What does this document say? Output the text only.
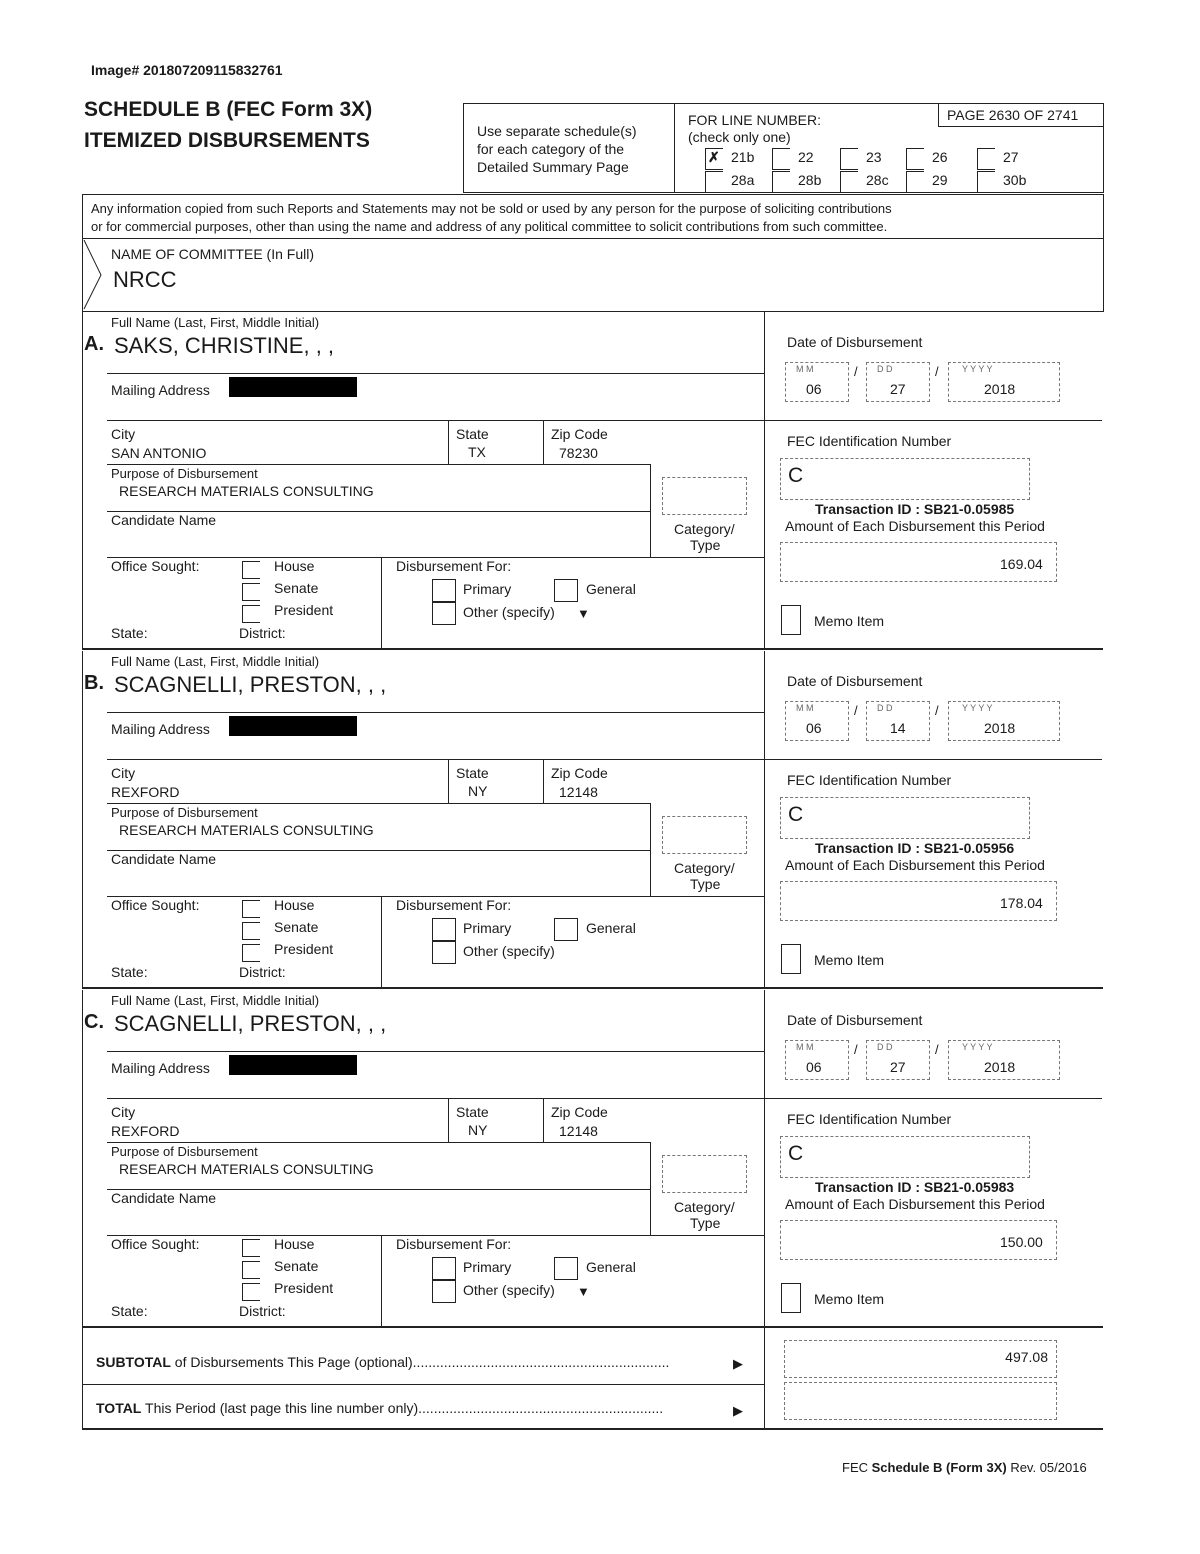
Image# 201807209115832761
SCHEDULE B (FEC Form 3X)
ITEMIZED DISBURSEMENTS	Use separate schedule(s)
for each category of the
Detailed Summary Page
FOR LINE NUMBER:
(check only one)
PAGE 2630 OF 2741
✗ 21b	22	23	26	27
28a	28b	28c	29	30b
Any information copied from such Reports and Statements may not be sold or used by any person for the purpose of soliciting contributions
or for commercial purposes, other than using the name and address of any political committee to solicit contributions from such committee.
NAME OF COMMITTEE (In Full)
NRCC
Full Name (Last, First, Middle Initial)
A. SAKS, CHRISTINE, , ,
Mailing Address
City
SAN ANTONIO
State
TX
Zip Code
78230
Purpose of Disbursement
RESEARCH MATERIALS CONSULTING
Candidate Name
Category/
Type
Office Sought:	House
Senate
President
State:	District:
Disbursement For:
Primary	General
Other (specify) ▼
Date of Disbursement
M M
06
/ D D
27
/	Y Y Y Y
2018
FEC Identification Number
C
Transaction ID : SB21-0.05985
Amount of Each Disbursement this Period
169.04
Memo Item
Full Name (Last, First, Middle Initial)
B. SCAGNELLI, PRESTON, , ,
Mailing Address
City
REXFORD
State
NY
Zip Code
12148
Purpose of Disbursement
RESEARCH MATERIALS CONSULTING
Candidate Name
Category/
Type
Office Sought:	House
Senate
President
State:	District:
Disbursement For:
Primary	General
Other (specify)
Date of Disbursement
M M
06
/ D D
14
/	Y Y Y Y
2018
FEC Identification Number
C
Transaction ID : SB21-0.05956
Amount of Each Disbursement this Period
178.04
Memo Item
Full Name (Last, First, Middle Initial)
C. SCAGNELLI, PRESTON, , ,
Mailing Address
City
REXFORD
State
NY
Zip Code
12148
Purpose of Disbursement
RESEARCH MATERIALS CONSULTING
Candidate Name
Category/
Type
Office Sought:	House
Senate
President
State:	District:
Disbursement For:
Primary	General
Other (specify) ▼
Date of Disbursement
M M
06
/ D D
27
/	Y Y Y Y
2018
FEC Identification Number
C
Transaction ID : SB21-0.05983
Amount of Each Disbursement this Period
150.00
Memo Item
SUBTOTAL of Disbursements This Page (optional)..................................................................	▶	497.08
TOTAL This Period (last page this line number only)...............................................................	▶
FEC Schedule B (Form 3X) Rev. 05/2016
